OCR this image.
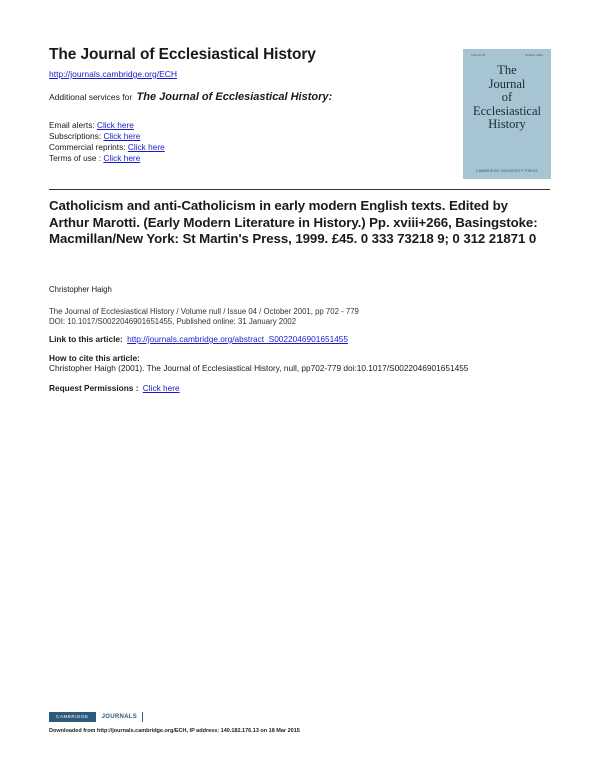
The Journal of Ecclesiastical History
http://journals.cambridge.org/ECH
Additional services for The Journal of Ecclesiastical History:
Email alerts: Click here
Subscriptions: Click here
Commercial reprints: Click here
Terms of use : Click here
Volume 52	October 2001
The
Journal
of
Ecclesiastical
History
CAMBRIDGE UNIVERSITY PRESS
Catholicism and anti-Catholicism in early modern English texts. Edited by Arthur Marotti. (Early Modern Literature in History.) Pp. xviii+266, Basingstoke: Macmillan/New York: St Martin's Press, 1999. £45. 0 333 73218 9; 0 312 21871 0
Christopher Haigh
The Journal of Ecclesiastical History / Volume null / Issue 04 / October 2001, pp 702 - 779
DOI: 10.1017/S0022046901651455, Published online: 31 January 2002
Link to this article: http://journals.cambridge.org/abstract_S0022046901651455
How to cite this article:
Christopher Haigh (2001). The Journal of Ecclesiastical History, null, pp702-779 doi:10.1017/S0022046901651455
Request Permissions : Click here
CAMBRIDGE	JOURNALS
Downloaded from http://journals.cambridge.org/ECH, IP address: 140.182.176.13 on 18 Mar 2015
